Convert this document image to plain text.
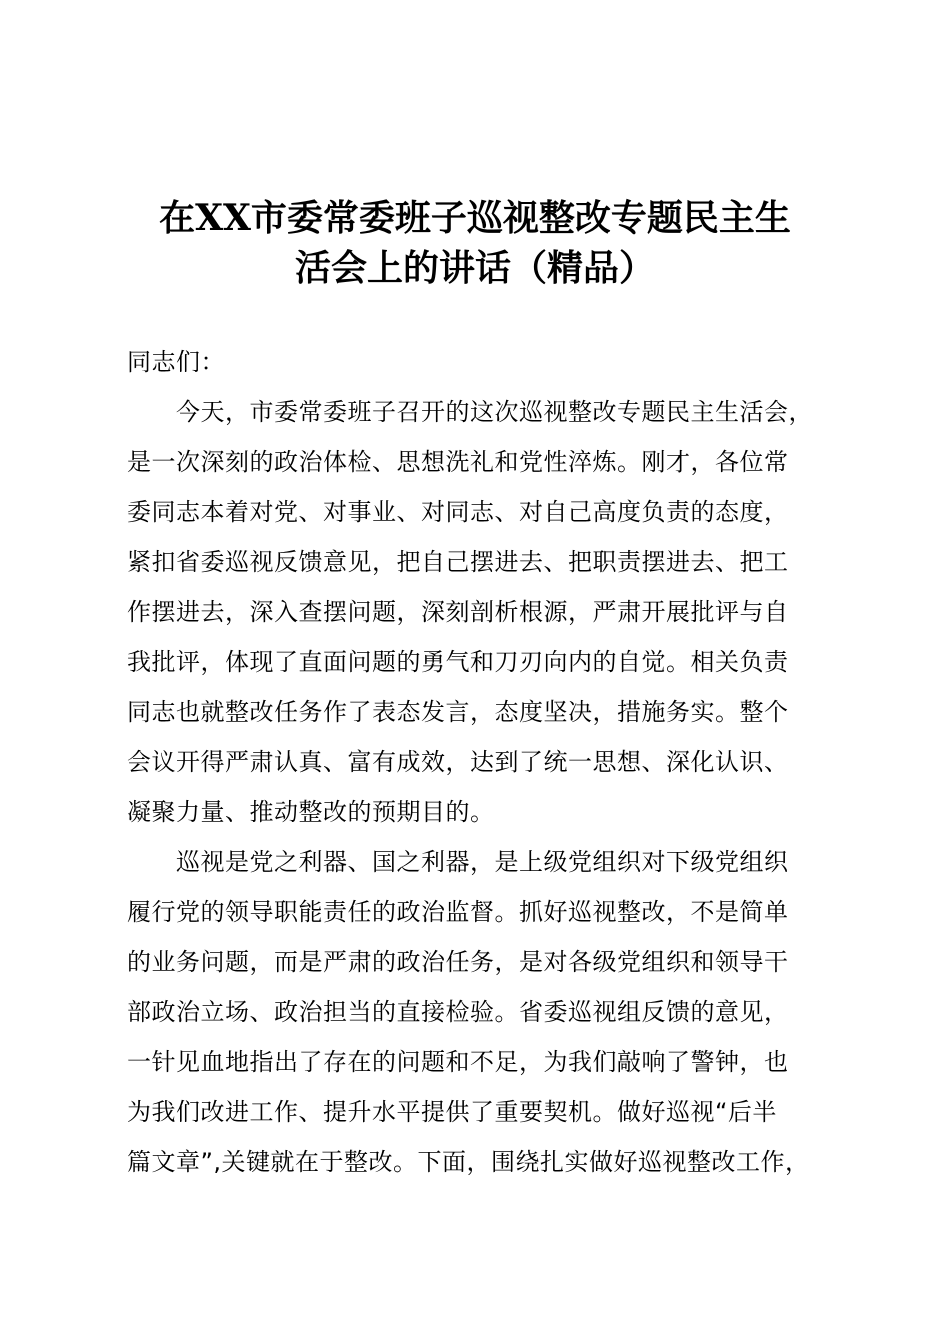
在XX市委常委班子巡视整改专题民主生
活会上的讲话（精品）
同志们：
　　今天，市委常委班子召开的这次巡视整改专题民主生活会，
是一次深刻的政治体检、思想洗礼和党性淬炼。刚才，各位常
委同志本着对党、对事业、对同志、对自己高度负责的态度，
紧扣省委巡视反馈意见，把自己摆进去、把职责摆进去、把工
作摆进去，深入查摆问题，深刻剖析根源，严肃开展批评与自
我批评，体现了直面问题的勇气和刀刃向内的自觉。相关负责
同志也就整改任务作了表态发言，态度坚决，措施务实。整个
会议开得严肃认真、富有成效，达到了统一思想、深化认识、
凝聚力量、推动整改的预期目的。
　　巡视是党之利器、国之利器，是上级党组织对下级党组织
履行党的领导职能责任的政治监督。抓好巡视整改，不是简单
的业务问题，而是严肃的政治任务，是对各级党组织和领导干
部政治立场、政治担当的直接检验。省委巡视组反馈的意见，
一针见血地指出了存在的问题和不足，为我们敲响了警钟，也
为我们改进工作、提升水平提供了重要契机。做好巡视“后半
篇文章”,关键就在于整改。下面，围绕扎实做好巡视整改工作，
